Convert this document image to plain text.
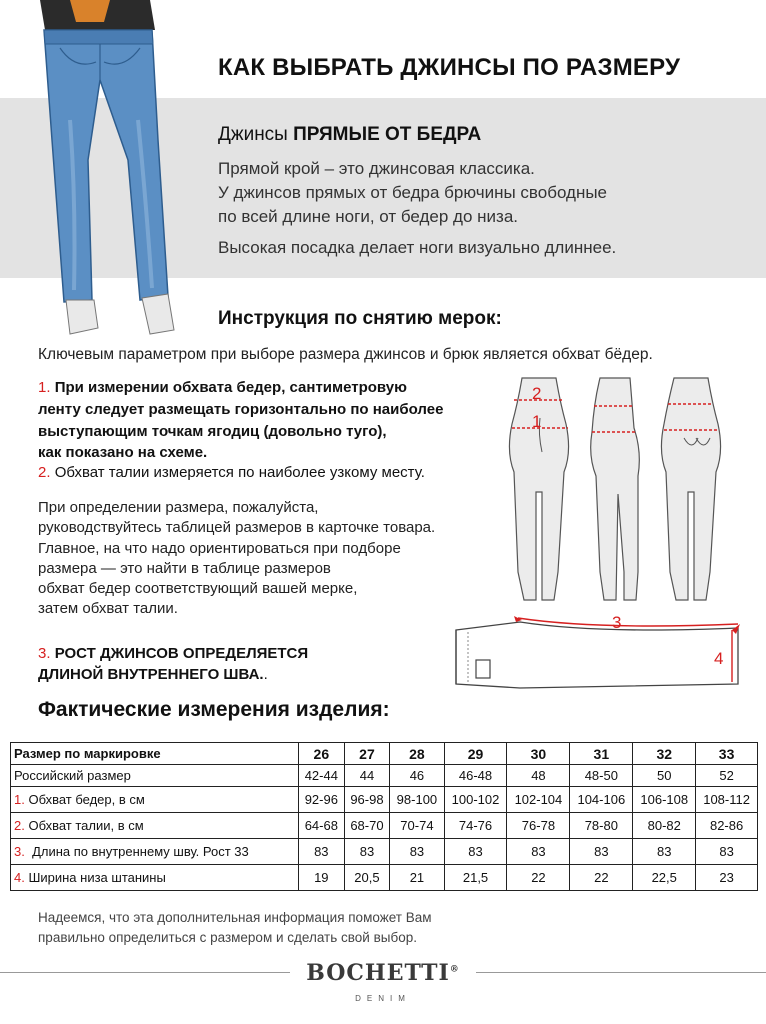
КАК ВЫБРАТЬ ДЖИНСЫ ПО РАЗМЕРУ
Джинсы ПРЯМЫЕ ОТ БЕДРА
Прямой крой – это джинсовая классика.
У джинсов прямых от бедра брючины свободные
по всей длине ноги, от бедер до низа.
Высокая посадка делает ноги визуально длиннее.
Инструкция по снятию мерок:
Ключевым параметром при выборе размера джинсов и брюк является обхват бёдер.
1. При измерении обхвата бедер, сантиметровую
ленту следует размещать горизонтально по наиболее
выступающим точкам ягодиц (довольно туго),
как показано на схеме.
2. Обхват талии измеряется по наиболее узкому месту.
При определении размера, пожалуйста,
руководствуйтесь таблицей размеров в карточке товара.
Главное, на что надо ориентироваться при подборе
размера — это найти в таблице размеров
обхват бедер соответствующий вашей мерке,
затем обхват талии.
3. РОСТ ДЖИНСОВ ОПРЕДЕЛЯЕТСЯ
ДЛИНОЙ ВНУТРЕННЕГО ШВА..
2
1
3
4
Фактические измерения изделия:
Размер по маркировке	26	27	28	29	30	31	32	33
Российский размер	42-44	44	46	46-48	48	48-50	50	52
1. Обхват бедер, в см	92-96	96-98	98-100	100-102	102-104	104-106	106-108	108-112
2. Обхват талии, в см	64-68	68-70	70-74	74-76	76-78	78-80	80-82	82-86
3.  Длина по внутреннему шву. Рост 33	83	83	83	83	83	83	83	83
4. Ширина низа штанины	19	20,5	21	21,5	22	22	22,5	23
Надеемся, что эта дополнительная информация поможет Вам
правильно определиться с размером и сделать свой выбор.
BOCHETTI®
DENIM
